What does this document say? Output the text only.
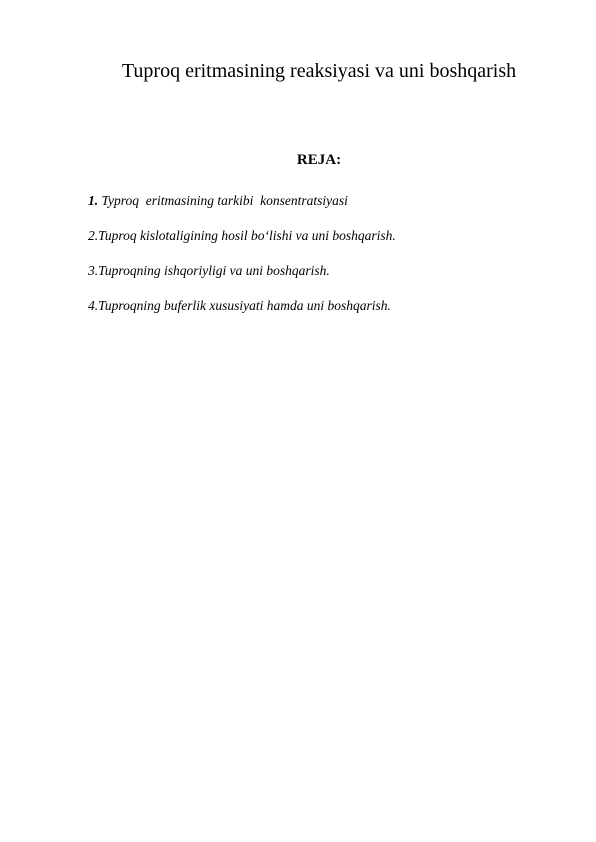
Tuproq eritmasining reaksiyasi va uni boshqarish
REJA:
1. Typroq  eritmasining tarkibi  konsentratsiyasi
2.Tuproq kislotaligining hosil bo‘lishi va uni boshqarish.
3.Tuproqning ishqoriyligi va uni boshqarish.
4.Tuproqning buferlik xususiyati hamda uni boshqarish.
